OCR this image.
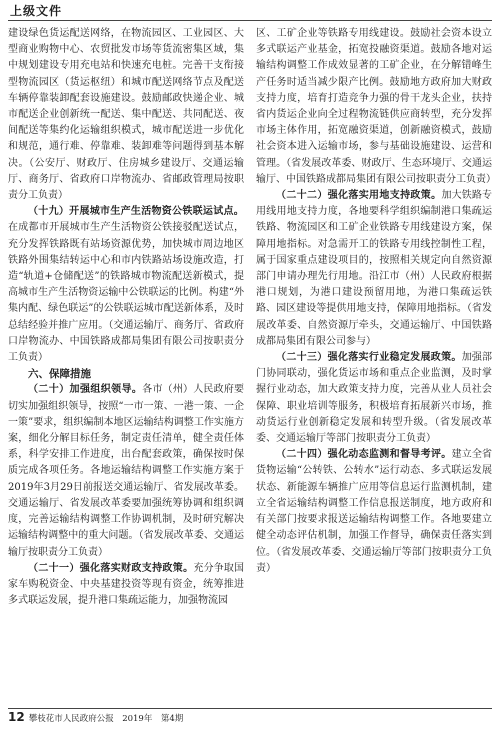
上级文件

建设绿色货运配送网络，在物流园区、工业园区、大型商业购物中心、农贸批发市场等货流密集区域，集中规划建设专用充电站和快速充电桩。完善干支衔接型物流园区（货运枢纽）和城市配送网络节点及配送车辆停靠装卸配套设施建设。鼓励邮政快递企业、城市配送企业创新统一配送、集中配送、共同配送、夜间配送等集约化运输组织模式，城市配送进一步优化和规范，通行难、停靠难、装卸难等问题得到基本解决。（公安厅、财政厅、住房城乡建设厅、交通运输厅、商务厅、省政府口岸物流办、省邮政管理局按职责分工负责）

（十九）开展城市生产生活物资公铁联运试点。在成都市开展城市生产生活物资公铁接驳配送试点，充分发挥铁路既有站场资源优势，加快城市周边地区铁路外围集结转运中心和市内铁路站场设施改造，打造“轨道+仓储配送”的铁路城市物流配送新模式，提高城市生产生活物资运输中公铁联运的比例。构建“外集内配、绿色联运”的公铁联运城市配送新体系，及时总结经验并推广应用。（交通运输厅、商务厅、省政府口岸物流办、中国铁路成都局集团有限公司按职责分工负责）

六、保障措施

（二十）加强组织领导。各市（州）人民政府要切实加强组织领导，按照“一市一策、一港一策、一企一策”要求，组织编制本地区运输结构调整工作实施方案，细化分解目标任务，制定责任清单，健全责任体系，科学安排工作进度，出台配套政策，确保按时保质完成各项任务。各地运输结构调整工作实施方案于2019年3月29日前报送交通运输厅、省发展改革委。交通运输厅、省发展改革委要加强统筹协调和组织调度，完善运输结构调整工作协调机制，及时研究解决运输结构调整中的重大问题。（省发展改革委、交通运输厅按职责分工负责）

（二十一）强化落实财政支持政策。充分争取国家车购税资金、中央基建投资等现有资金，统筹推进多式联运发展，提升港口集疏运能力，加强物流园

区、工矿企业等铁路专用线建设。鼓励社会资本设立多式联运产业基金，拓宽投融资渠道。鼓励各地对运输结构调整工作成效显著的工矿企业，在分解错峰生产任务时适当减少限产比例。鼓励地方政府加大财政支持力度，培育打造竞争力强的骨干龙头企业，扶持省内货运企业向全过程物流链供应商转型，充分发挥市场主体作用，拓宽融资渠道，创新融资模式，鼓励社会资本进入运输市场，参与基础设施建设、运营和管理。（省发展改革委、财政厅、生态环境厅、交通运输厅、中国铁路成都局集团有限公司按职责分工负责）

（二十二）强化落实用地支持政策。加大铁路专用线用地支持力度，各地要科学组织编制港口集疏运铁路、物流园区和工矿企业铁路专用线建设方案，保障用地指标。对急需开工的铁路专用线控制性工程，属于国家重点建设项目的，按照相关规定向自然资源部门申请办理先行用地。沿江市（州）人民政府根据港口规划，为港口建设预留用地，为港口集疏运铁路、园区建设等提供用地支持，保障用地指标。（省发展改革委、自然资源厅牵头，交通运输厅、中国铁路成都局集团有限公司参与）

（二十三）强化落实行业稳定发展政策。加强部门协同联动，强化货运市场和重点企业监测，及时掌握行业动态，加大政策支持力度，完善从业人员社会保障、职业培训等服务，积极培育拓展新兴市场，推动货运行业创新稳定发展和转型升级。（省发展改革委、交通运输厅等部门按职责分工负责）

（二十四）强化动态监测和督导考评。建立全省货物运输“公转铁、公转水”运行动态、多式联运发展状态、新能源车辆推广应用等信息运行监测机制，建立全省运输结构调整工作信息报送制度，地方政府和有关部门按要求报送运输结构调整工作。各地要建立健全动态评估机制，加强工作督导，确保责任落实到位。（省发展改革委、交通运输厅等部门按职责分工负责）

12 攀枝花市人民政府公报　2019年　第4期
